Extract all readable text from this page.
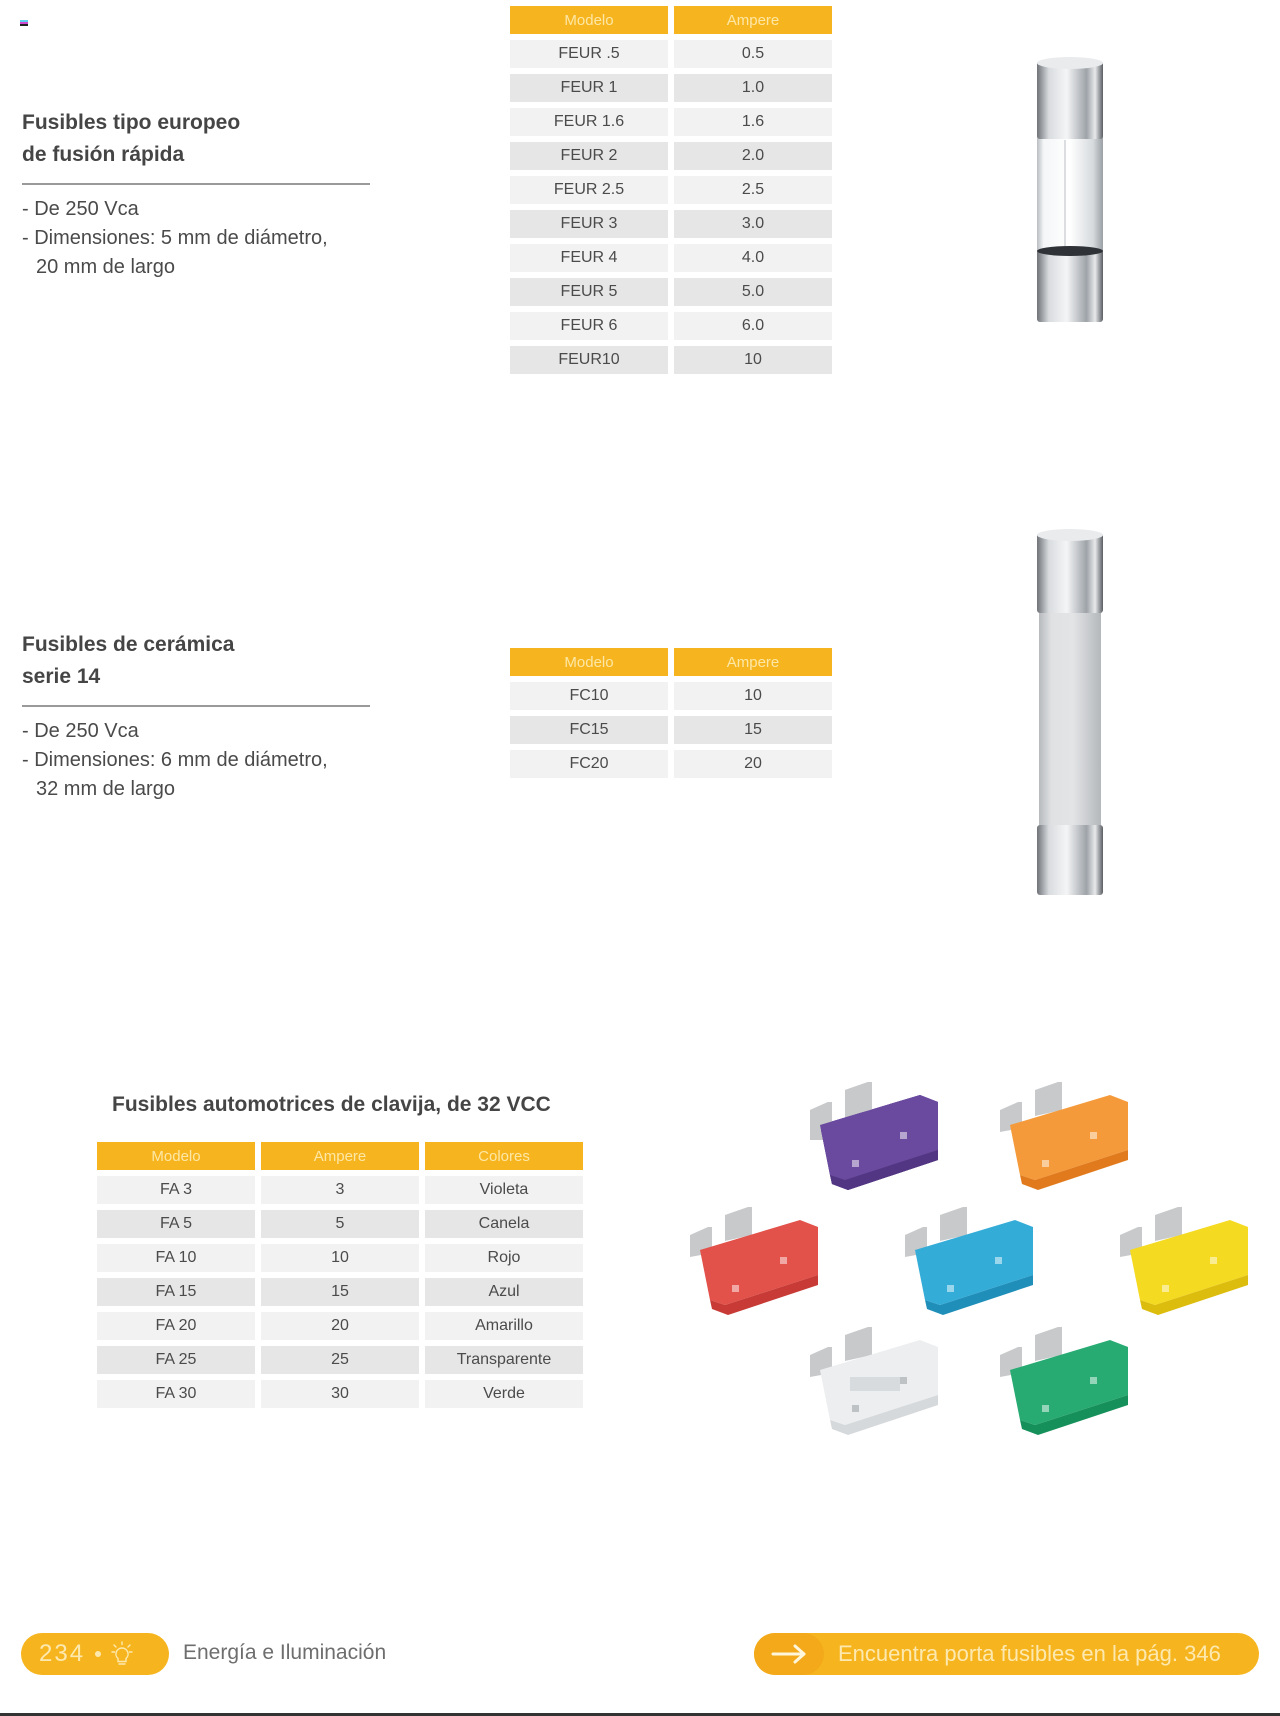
Fusibles tipo europeo
de fusión rápida
- De 250 Vca
- Dimensiones: 5 mm de diámetro,
20 mm de largo
Modelo	Ampere
FEUR .5	0.5
FEUR 1	1.0
FEUR 1.6	1.6
FEUR 2	2.0
FEUR 2.5	2.5
FEUR 3	3.0
FEUR 4	4.0
FEUR 5	5.0
FEUR 6	6.0
FEUR10	10
Fusibles de cerámica
serie 14
- De 250 Vca
- Dimensiones: 6 mm de diámetro,
32 mm de largo
Modelo	Ampere
FC10	10
FC15	15
FC20	20
Fusibles automotrices de clavija, de 32 VCC
Modelo	Ampere	Colores
FA 3	3	Violeta
FA 5	5	Canela
FA 10	10	Rojo
FA 15	15	Azul
FA 20	20	Amarillo
FA 25	25	Transparente
FA 30	30	Verde
234	Energía e Iluminación	Encuentra porta fusibles en la pág. 346
